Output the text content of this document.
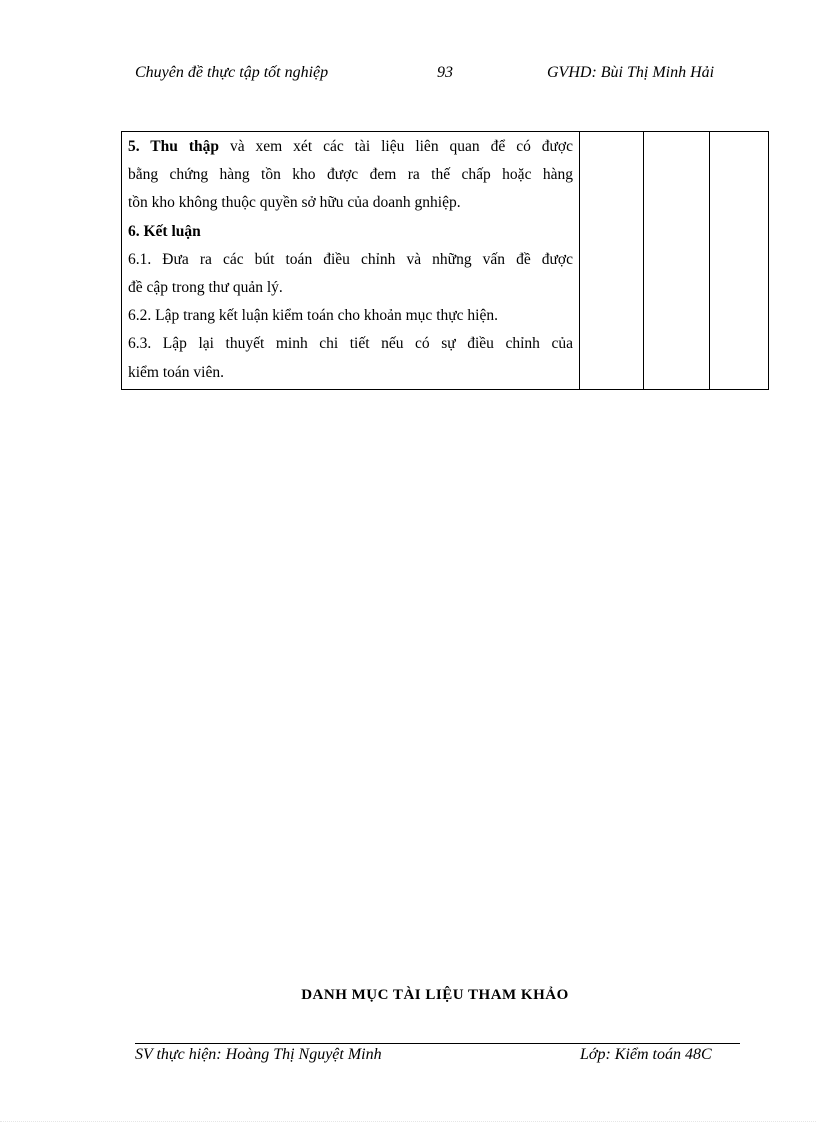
Chuyên đề thực tập tốt nghiệp	93	GVHD: Bùi Thị Minh Hải
5. Thu thập và xem xét các tài liệu liên quan để có được
bằng chứng hàng tồn kho được đem ra thế chấp hoặc hàng
tồn kho không thuộc quyền sở hữu của doanh gnhiệp.
6. Kết luận
6.1. Đưa ra các bút toán điều chỉnh và những vấn đề được
đề cập trong thư quản lý.
6.2. Lập trang kết luận kiểm toán cho khoản mục thực hiện.
6.3. Lập lại thuyết minh chi tiết nếu có sự điều chỉnh của
kiểm toán viên.

DANH MỤC TÀI LIỆU THAM KHẢO
SV thực hiện: Hoàng Thị Nguyệt Minh	Lớp: Kiểm toán 48C
